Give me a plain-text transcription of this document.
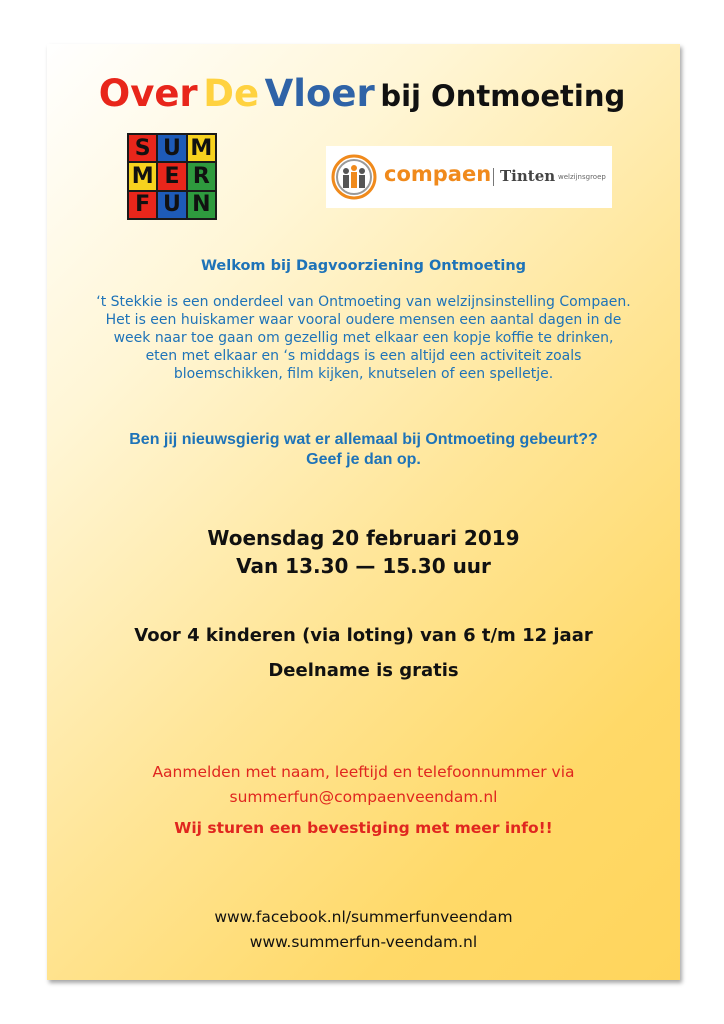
Over De Vloer bij Ontmoeting
S U M
M E R
F U N
compaen Tinten welzijnsgroep

Welkom bij Dagvoorziening Ontmoeting

‘t Stekkie is een onderdeel van Ontmoeting van welzijnsinstelling Compaen.
Het is een huiskamer waar vooral oudere mensen een aantal dagen in de
week naar toe gaan om gezellig met elkaar een kopje koffie te drinken,
eten met elkaar en ‘s middags is een altijd een activiteit zoals
bloemschikken, film kijken, knutselen of een spelletje.
Ben jij nieuwsgierig wat er allemaal bij Ontmoeting gebeurt??
Geef je dan op.
Woensdag 20 februari 2019
Van 13.30 — 15.30 uur

Voor 4 kinderen (via loting) van 6 t/m 12 jaar

Deelname is gratis

Aanmelden met naam, leeftijd en telefoonnummer via
summerfun@compaenveendam.nl

Wij sturen een bevestiging met meer info!!

www.facebook.nl/summerfunveendam
www.summerfun-veendam.nl
